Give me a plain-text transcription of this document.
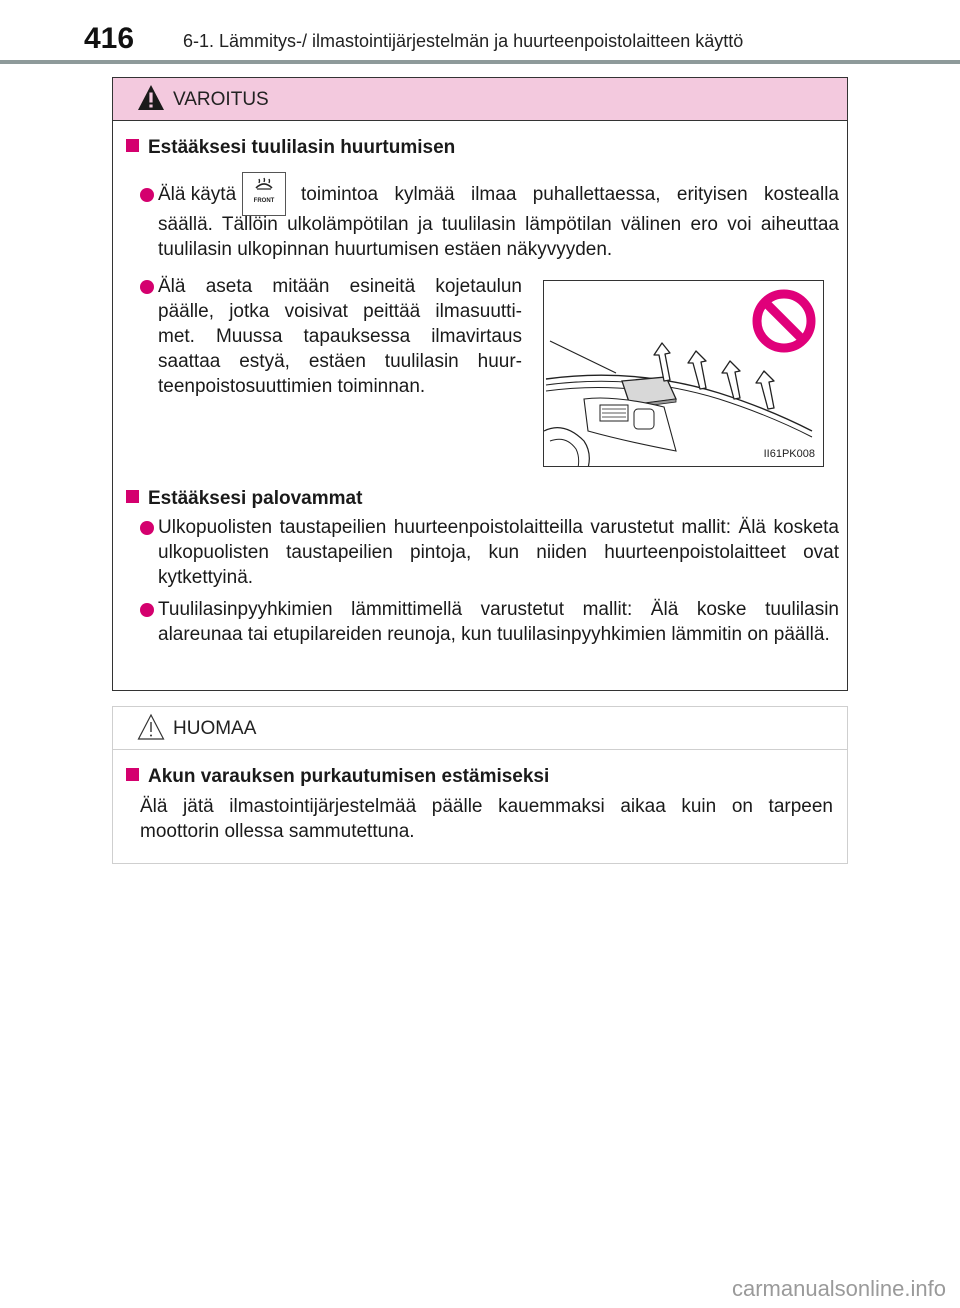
416	6-1. Lämmitys-/ ilmastointijärjestelmän ja huurteenpoistolaitteen käyttö
VAROITUS
Estääksesi tuulilasin huurtumisen
Älä käytä	FRONT	toimintoa kylmää ilmaa puhallettaessa, erityisen kostealla
säällä. Tällöin ulkolämpötilan ja tuulilasin lämpötilan välinen ero voi aiheuttaa tuulilasin ulkopinnan huurtumisen estäen näkyvyyden.
Älä aseta mitään esineitä kojetaulun
päälle, jotka voisivat peittää ilmasuutti-
met. Muussa tapauksessa ilmavirtaus
saattaa estyä, estäen tuulilasin huur-
teenpoistosuuttimien toiminnan.
II61PK008
Estääksesi palovammat
Ulkopuolisten taustapeilien huurteenpoistolaitteilla varustetut mallit: Älä kosketa ulkopuolisten taustapeilien pintoja, kun niiden huurteenpoistolaitteet ovat kytkettyinä.
Tuulilasinpyyhkimien lämmittimellä varustetut mallit: Älä koske tuulilasin alareunaa tai etupilareiden reunoja, kun tuulilasinpyyhkimien lämmitin on päällä.
HUOMAA
Akun varauksen purkautumisen estämiseksi
Älä jätä ilmastointijärjestelmää päälle kauemmaksi aikaa kuin on tarpeen moottorin ollessa sammutettuna.
carmanualsonline.info
